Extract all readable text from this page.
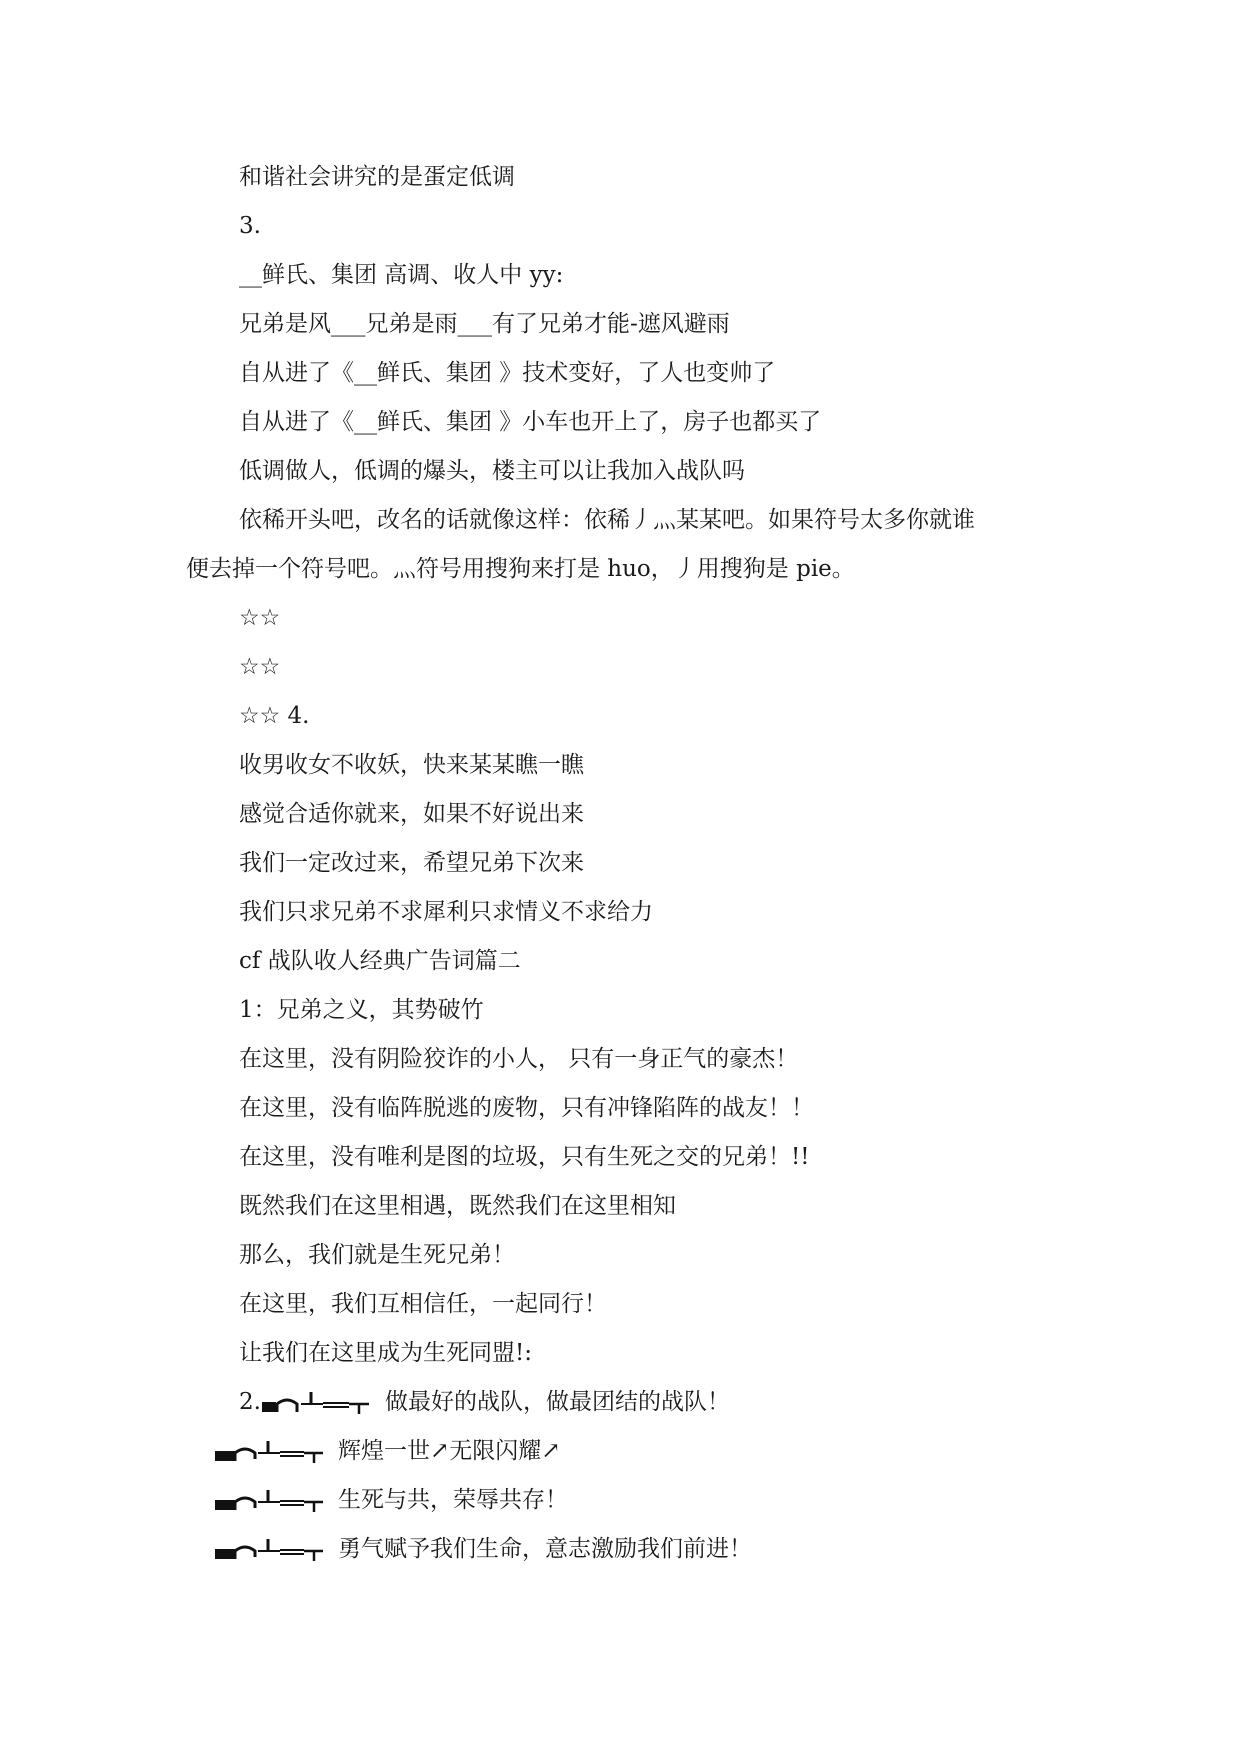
和谐社会讲究的是蛋定低调
3.
__鲜氏、集团 高调、收人中 yy:
兄弟是风___兄弟是雨___有了兄弟才能-遮风避雨
自从进了《__鲜氏、集团 》技术变好，了人也变帅了
自从进了《__鲜氏、集团 》小车也开上了，房子也都买了
低调做人，低调的爆头，楼主可以让我加入战队吗
依稀开头吧，改名的话就像这样：依稀丿灬某某吧。如果符号太多你就谁
便去掉一个符号吧。灬符号用搜狗来打是 huo，丿用搜狗是 pie。
☆☆
☆☆
☆☆ 4.
收男收女不收妖，快来某某瞧一瞧
感觉合适你就来，如果不好说出来
我们一定改过来，希望兄弟下次来
我们只求兄弟不求犀利只求情义不求给力
cf 战队收人经典广告词篇二
1：兄弟之义，其势破竹
在这里，没有阴险狡诈的小人， 只有一身正气的豪杰！
在这里，没有临阵脱逃的废物，只有冲锋陷阵的战友！！
在这里，没有唯利是图的垃圾，只有生死之交的兄弟！!!
既然我们在这里相遇，既然我们在这里相知
那么，我们就是生死兄弟！
在这里，我们互相信任，一起同行！
让我们在这里成为生死同盟!:
2.	做最好的战队，做最团结的战队！
辉煌一世↗无限闪耀↗
生死与共，荣辱共存！
勇气赋予我们生命，意志激励我们前进！
